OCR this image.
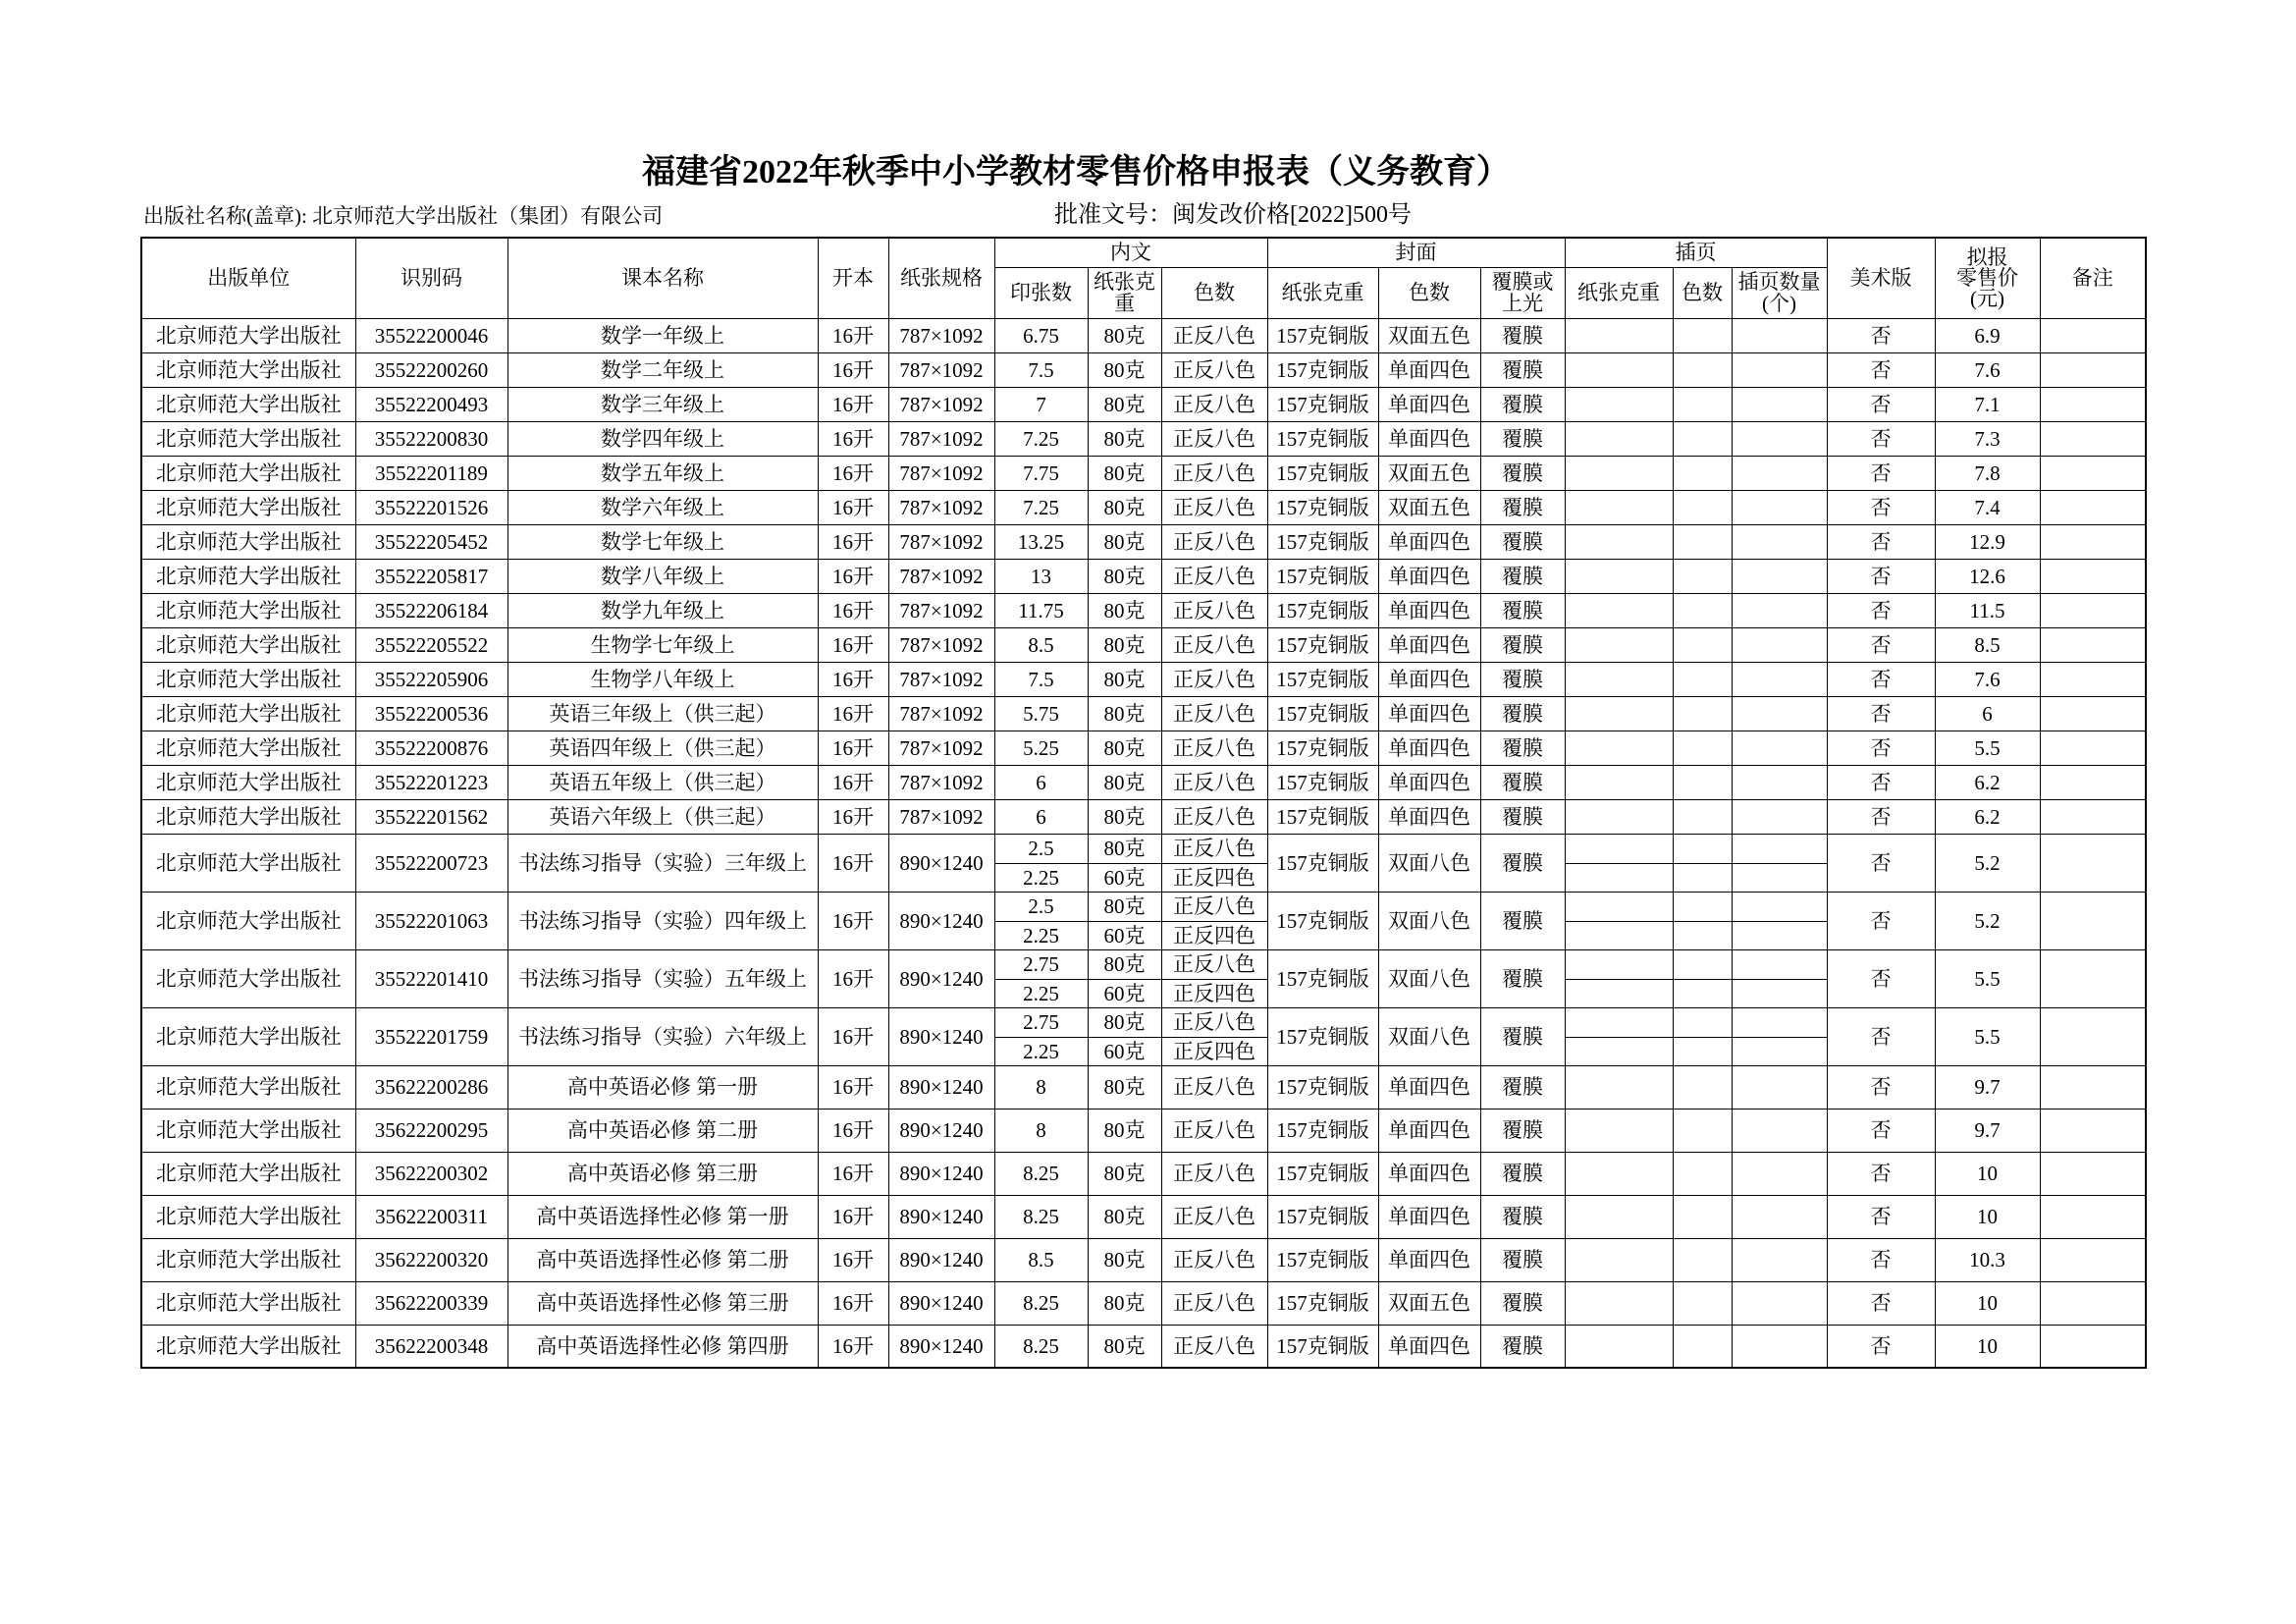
福建省2022年秋季中小学教材零售价格申报表（义务教育）
出版社名称(盖章): 北京师范大学出版社（集团）有限公司	批准文号：闽发改价格[2022]500号
出版单位	识别码	课本名称	开本	纸张规格	内文			封面			插页			美术版	拟报
零售价
(元)	备注
					印张数	纸张克
重	色数	纸张克重	色数	覆膜或
上光	纸张克重	色数	插页数量
(个)			

北京师范大学出版社	35522200046	数学一年级上	16开	787×1092	6.75	80克	正反八色	157克铜版	双面五色	覆膜				否	6.9	
北京师范大学出版社	35522200260	数学二年级上	16开	787×1092	7.5	80克	正反八色	157克铜版	单面四色	覆膜				否	7.6	
北京师范大学出版社	35522200493	数学三年级上	16开	787×1092	7	80克	正反八色	157克铜版	单面四色	覆膜				否	7.1	
北京师范大学出版社	35522200830	数学四年级上	16开	787×1092	7.25	80克	正反八色	157克铜版	单面四色	覆膜				否	7.3	
北京师范大学出版社	35522201189	数学五年级上	16开	787×1092	7.75	80克	正反八色	157克铜版	双面五色	覆膜				否	7.8	
北京师范大学出版社	35522201526	数学六年级上	16开	787×1092	7.25	80克	正反八色	157克铜版	双面五色	覆膜				否	7.4	
北京师范大学出版社	35522205452	数学七年级上	16开	787×1092	13.25	80克	正反八色	157克铜版	单面四色	覆膜				否	12.9	
北京师范大学出版社	35522205817	数学八年级上	16开	787×1092	13	80克	正反八色	157克铜版	单面四色	覆膜				否	12.6	
北京师范大学出版社	35522206184	数学九年级上	16开	787×1092	11.75	80克	正反八色	157克铜版	单面四色	覆膜				否	11.5	
北京师范大学出版社	35522205522	生物学七年级上	16开	787×1092	8.5	80克	正反八色	157克铜版	单面四色	覆膜				否	8.5	
北京师范大学出版社	35522205906	生物学八年级上	16开	787×1092	7.5	80克	正反八色	157克铜版	单面四色	覆膜				否	7.6	
北京师范大学出版社	35522200536	英语三年级上（供三起）	16开	787×1092	5.75	80克	正反八色	157克铜版	单面四色	覆膜				否	6	
北京师范大学出版社	35522200876	英语四年级上（供三起）	16开	787×1092	5.25	80克	正反八色	157克铜版	单面四色	覆膜				否	5.5	
北京师范大学出版社	35522201223	英语五年级上（供三起）	16开	787×1092	6	80克	正反八色	157克铜版	单面四色	覆膜				否	6.2	
北京师范大学出版社	35522201562	英语六年级上（供三起）	16开	787×1092	6	80克	正反八色	157克铜版	单面四色	覆膜				否	6.2	
北京师范大学出版社	35522200723	书法练习指导（实验）三年级上	16开	890×1240	2.5	80克	正反八色	157克铜版	双面八色	覆膜				否	5.2	
					2.25	60克	正反四色									
北京师范大学出版社	35522201063	书法练习指导（实验）四年级上	16开	890×1240	2.5	80克	正反八色	157克铜版	双面八色	覆膜				否	5.2	
					2.25	60克	正反四色									
北京师范大学出版社	35522201410	书法练习指导（实验）五年级上	16开	890×1240	2.75	80克	正反八色	157克铜版	双面八色	覆膜				否	5.5	
					2.25	60克	正反四色									
北京师范大学出版社	35522201759	书法练习指导（实验）六年级上	16开	890×1240	2.75	80克	正反八色	157克铜版	双面八色	覆膜				否	5.5	
					2.25	60克	正反四色									
北京师范大学出版社	35622200286	高中英语必修 第一册	16开	890×1240	8	80克	正反八色	157克铜版	单面四色	覆膜				否	9.7	
北京师范大学出版社	35622200295	高中英语必修 第二册	16开	890×1240	8	80克	正反八色	157克铜版	单面四色	覆膜				否	9.7	
北京师范大学出版社	35622200302	高中英语必修 第三册	16开	890×1240	8.25	80克	正反八色	157克铜版	单面四色	覆膜				否	10	
北京师范大学出版社	35622200311	高中英语选择性必修 第一册	16开	890×1240	8.25	80克	正反八色	157克铜版	单面四色	覆膜				否	10	
北京师范大学出版社	35622200320	高中英语选择性必修 第二册	16开	890×1240	8.5	80克	正反八色	157克铜版	单面四色	覆膜				否	10.3	
北京师范大学出版社	35622200339	高中英语选择性必修 第三册	16开	890×1240	8.25	80克	正反八色	157克铜版	双面五色	覆膜				否	10	
北京师范大学出版社	35622200348	高中英语选择性必修 第四册	16开	890×1240	8.25	80克	正反八色	157克铜版	单面四色	覆膜				否	10	
